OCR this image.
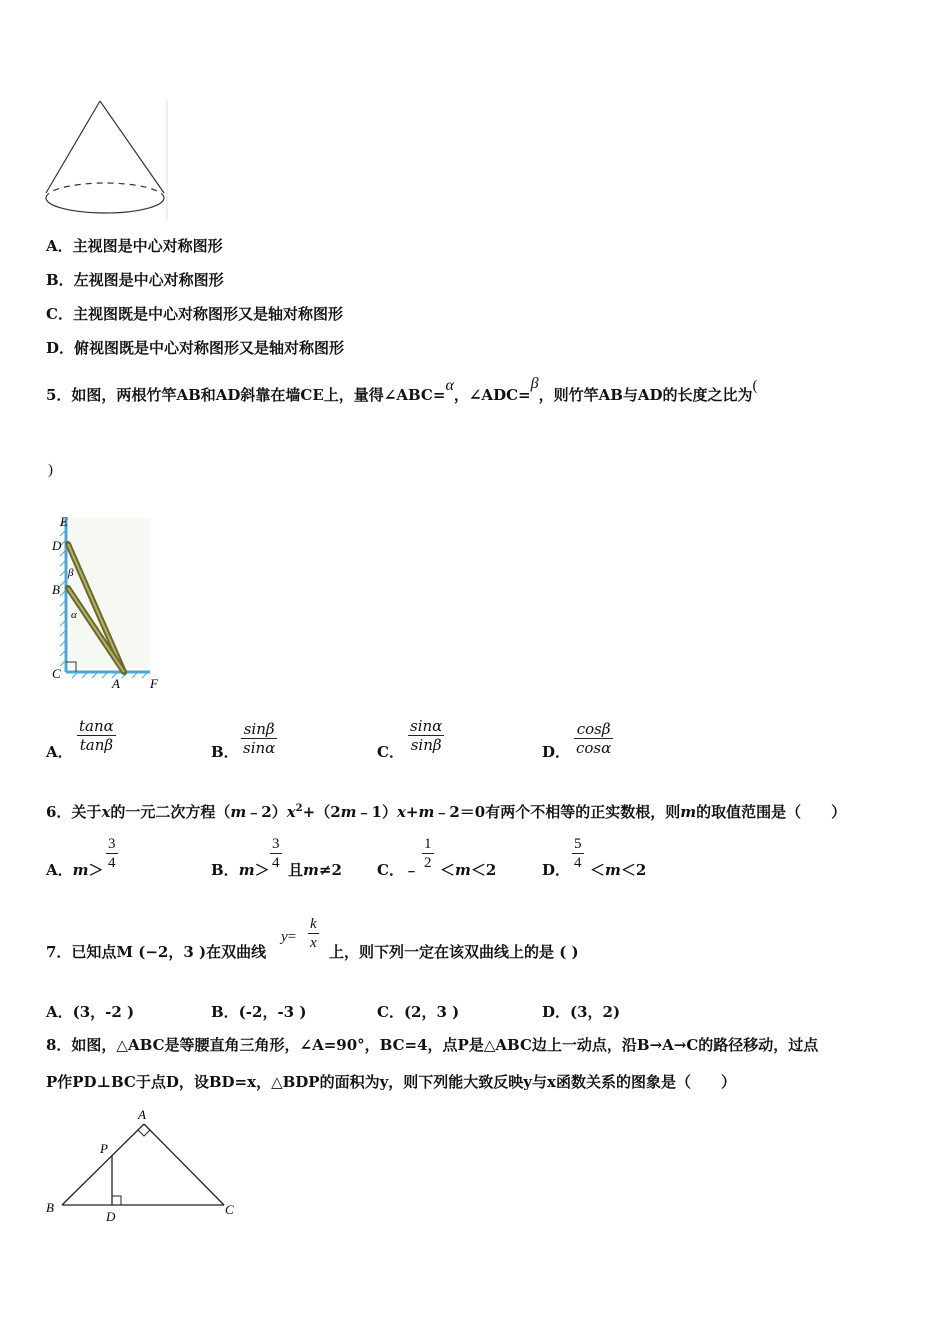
A．主视图是中心对称图形
B．左视图是中心对称图形
C．主视图既是中心对称图形又是轴对称图形
D．俯视图既是中心对称图形又是轴对称图形
5．如图，两根竹竿AB和AD斜靠在墙CE上，量得∠ABC=α，∠ADC=β，则竹竿AB与AD的长度之比为(
)
E
D
β
B
α
C
A F
A．
tanα
tanβ	B．
sinβ
sinα	C．
sinα
sinβ	D．
cosβ
cosα
6．关于x的一元二次方程$(m﹣2)x^2+(2m﹣1)x+m﹣2=0$有两个不相等的正实数根，则m的取值范围是（　　）
A．m＞
3
4	B．m＞
3
4 且m≠2 C．﹣
1
2 ＜m＜2	D．
5
4 ＜m＜2
7．已知点M (−2，3 )在双曲线
y=
k
x 上，则下列一定在该双曲线上的是 ( )
A．(3，-2 )	B．(-2，-3 )	C．(2，3 )	D．(3，2)
8．如图，△ABC是等腰直角三角形，∠A=90°，BC=4，点P是△ABC边上一动点，沿B→A→C的路径移动，过点
P作PD⊥BC于点D，设BD=x，△BDP的面积为y，则下列能大致反映y与x函数关系的图象是（　　）
A
P
B
D	C
